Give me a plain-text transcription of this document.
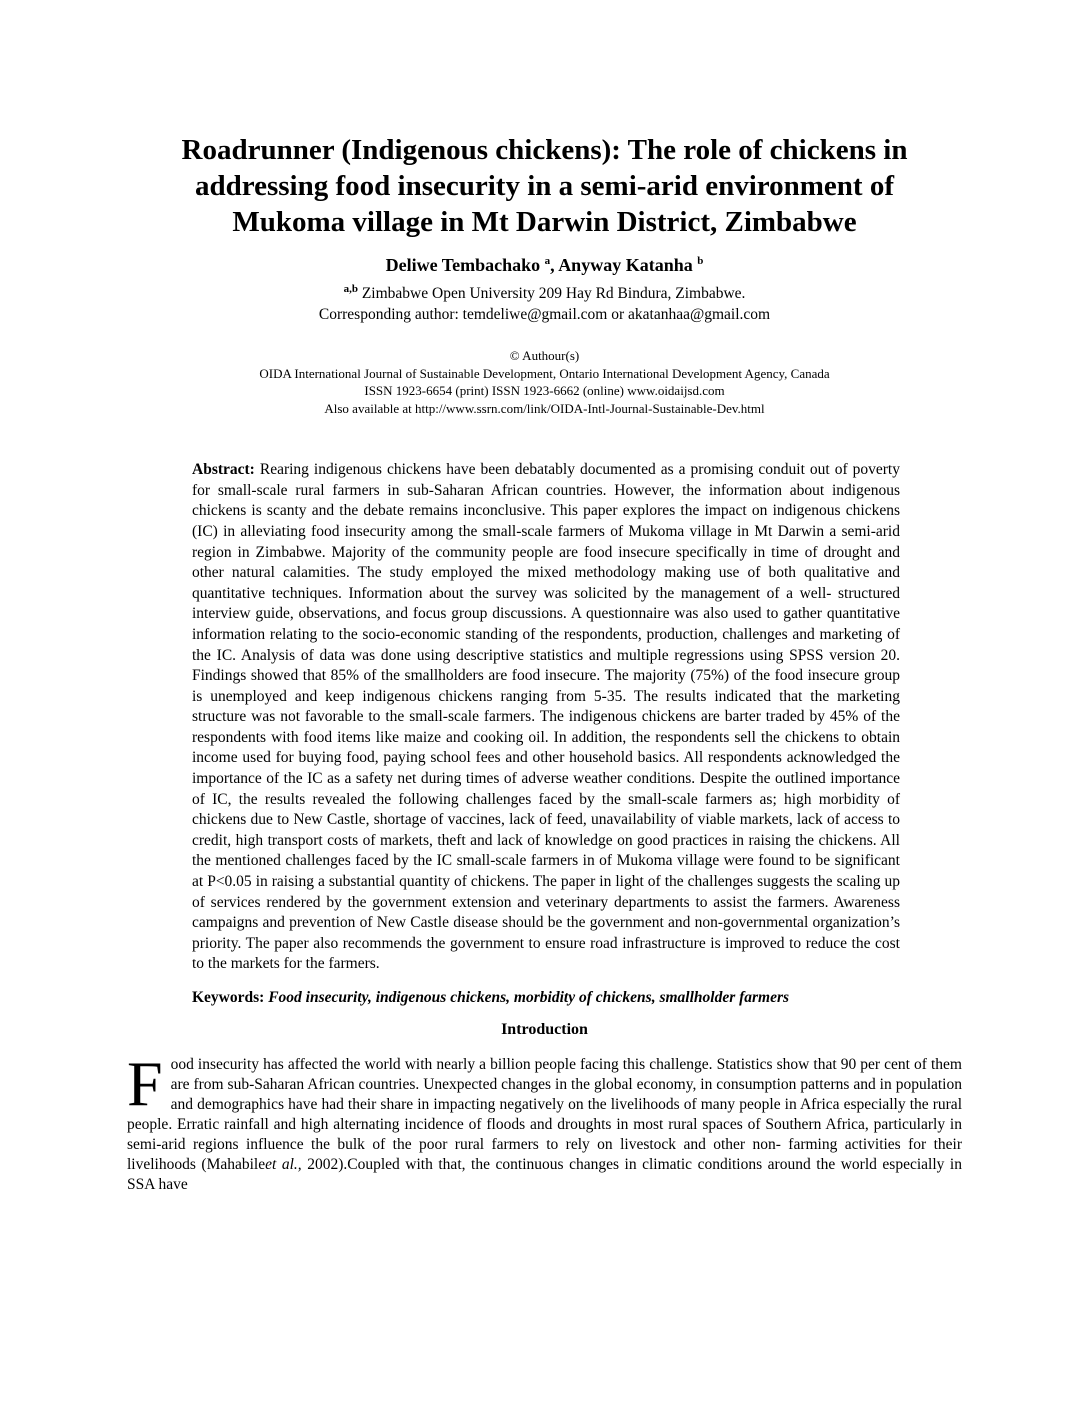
Roadrunner (Indigenous chickens): The role of chickens in
addressing food insecurity in a semi-arid environment of
Mukoma village in Mt Darwin District, Zimbabwe
Deliwe Tembachako $^a$, Anyway Katanha $^b$
$^{a,b}$ Zimbabwe Open University 209 Hay Rd Bindura, Zimbabwe.
Corresponding author: temdeliwe@gmail.com or akatanhaa@gmail.com
© Authour(s)
OIDA International Journal of Sustainable Development, Ontario International Development Agency, Canada
ISSN 1923-6654 (print) ISSN 1923-6662 (online) www.oidaijsd.com
Also available at http://www.ssrn.com/link/OIDA-Intl-Journal-Sustainable-Dev.html

Abstract: Rearing indigenous chickens have been debatably documented as a promising conduit out of poverty for small-scale rural farmers in sub-Saharan African countries. However, the information about indigenous chickens is scanty and the debate remains inconclusive. This paper explores the impact on indigenous chickens (IC) in alleviating food insecurity among the small-scale farmers of Mukoma village in Mt Darwin a semi-arid region in Zimbabwe. Majority of the community people are food insecure specifically in time of drought and other natural calamities. The study employed the mixed methodology making use of both qualitative and quantitative techniques. Information about the survey was solicited by the management of a well- structured interview guide, observations, and focus group discussions. A questionnaire was also used to gather quantitative information relating to the socio-economic standing of the respondents, production, challenges and marketing of the IC. Analysis of data was done using descriptive statistics and multiple regressions using SPSS version 20. Findings showed that 85% of the smallholders are food insecure. The majority (75%) of the food insecure group is unemployed and keep indigenous chickens ranging from 5-35. The results indicated that the marketing structure was not favorable to the small-scale farmers. The indigenous chickens are barter traded by 45% of the respondents with food items like maize and cooking oil. In addition, the respondents sell the chickens to obtain income used for buying food, paying school fees and other household basics. All respondents acknowledged the importance of the IC as a safety net during times of adverse weather conditions. Despite the outlined importance of IC, the results revealed the following challenges faced by the small-scale farmers as; high morbidity of chickens due to New Castle, shortage of vaccines, lack of feed, unavailability of viable markets, lack of access to credit, high transport costs of markets, theft and lack of knowledge on good practices in raising the chickens. All the mentioned challenges faced by the IC small-scale farmers in of Mukoma village were found to be significant at P<0.05 in raising a substantial quantity of chickens. The paper in light of the challenges suggests the scaling up of services rendered by the government extension and veterinary departments to assist the farmers. Awareness campaigns and prevention of New Castle disease should be the government and non-governmental organization’s priority. The paper also recommends the government to ensure road infrastructure is improved to reduce the cost to the markets for the farmers.

Keywords: Food insecurity, indigenous chickens, morbidity of chickens, smallholder farmers

Introduction

Food insecurity has affected the world with nearly a billion people facing this challenge. Statistics show that 90 per cent of them are from sub-Saharan African countries. Unexpected changes in the global economy, in consumption patterns and in population and demographics have had their share in impacting negatively on the livelihoods of many people in Africa especially the rural people. Erratic rainfall and high alternating incidence of floods and droughts in most rural spaces of Southern Africa, particularly in semi-arid regions influence the bulk of the poor rural farmers to rely on livestock and other non- farming activities for their livelihoods (Mahabileet al., 2002).Coupled with that, the continuous changes in climatic conditions around the world especially in SSA have
